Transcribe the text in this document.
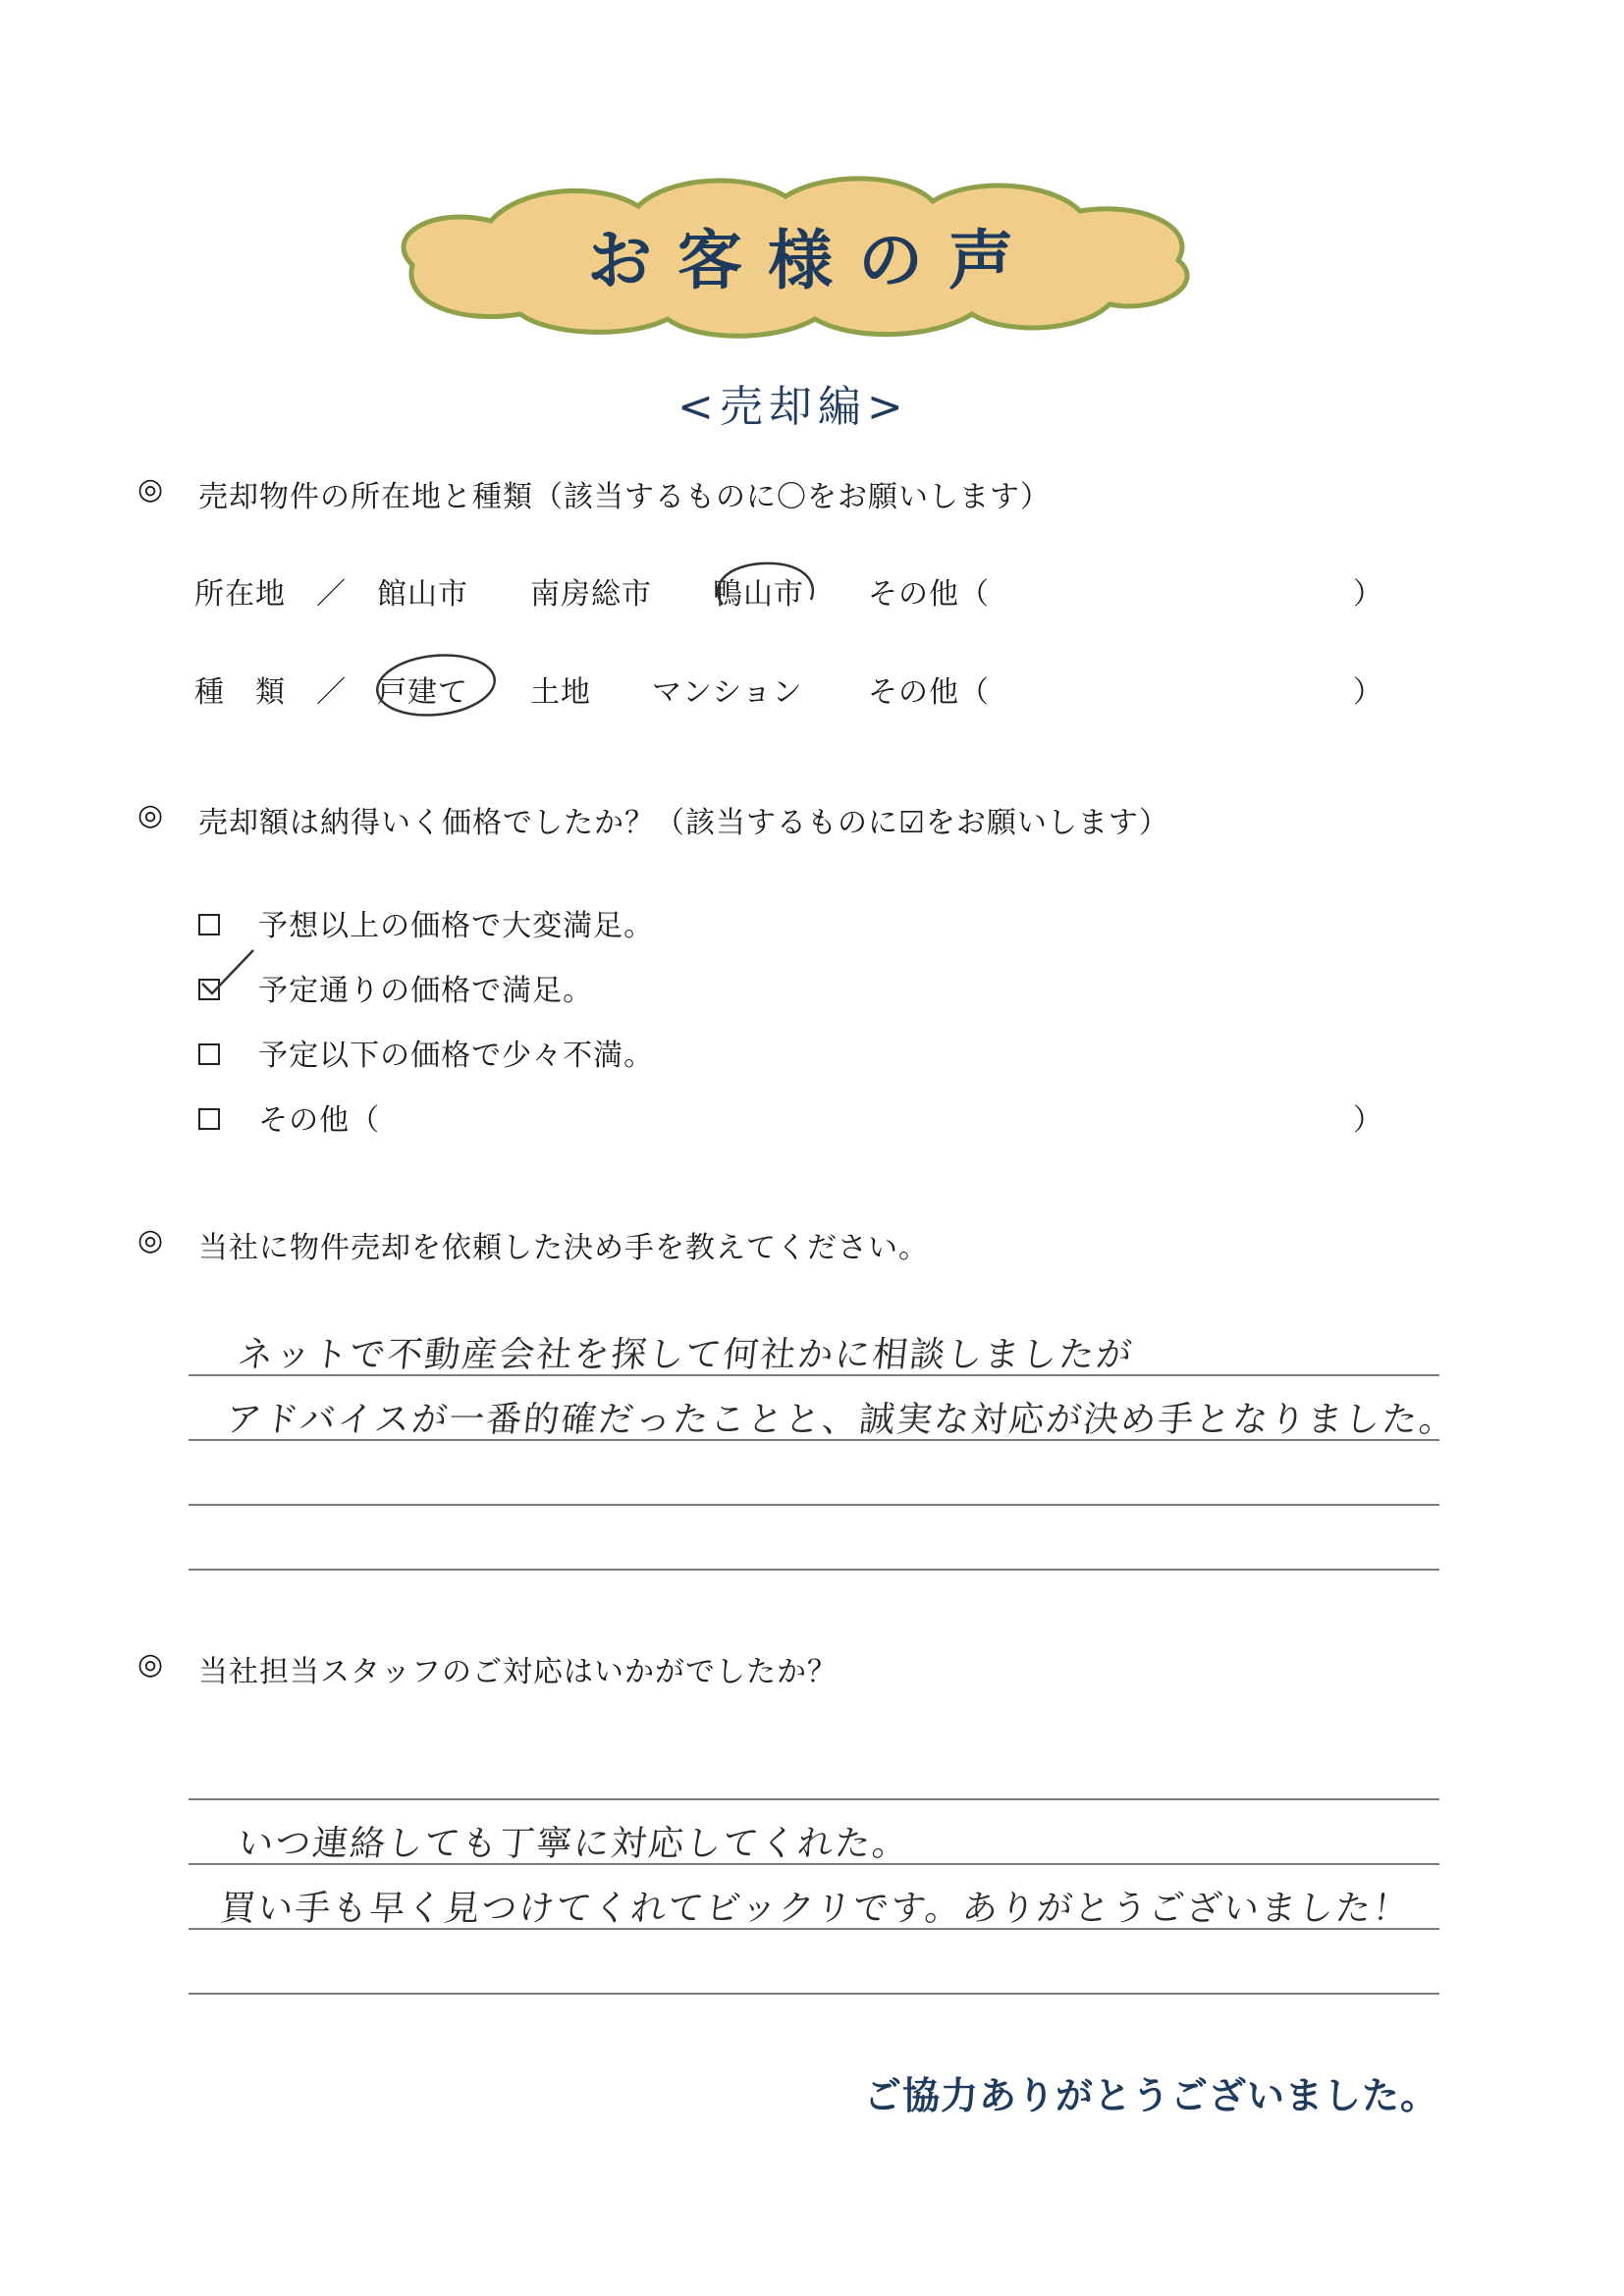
お客様の声
<売却編>
◎ 売却物件の所在地と種類（該当するものに〇をお願いします）
所在地 ／ 館山市 南房総市 鴨山市 その他（	）
種　類 ／ 戸建て 土地 マンション その他（	）
◎ 売却額は納得いく価格でしたか？（該当するものに☑をお願いします）
予想以上の価格で大変満足。
予定通りの価格で満足。
予定以下の価格で少々不満。
その他（	）
◎ 当社に物件売却を依頼した決め手を教えてください。
ネットで不動産会社を探して何社かに相談しましたが
アドバイスが一番的確だったことと、誠実な対応が決め手となりました。
◎ 当社担当スタッフのご対応はいかがでしたか？
いつ連絡しても丁寧に対応してくれた。
買い手も早く見つけてくれてビックリです。ありがとうございました！
ご協力ありがとうございました。
